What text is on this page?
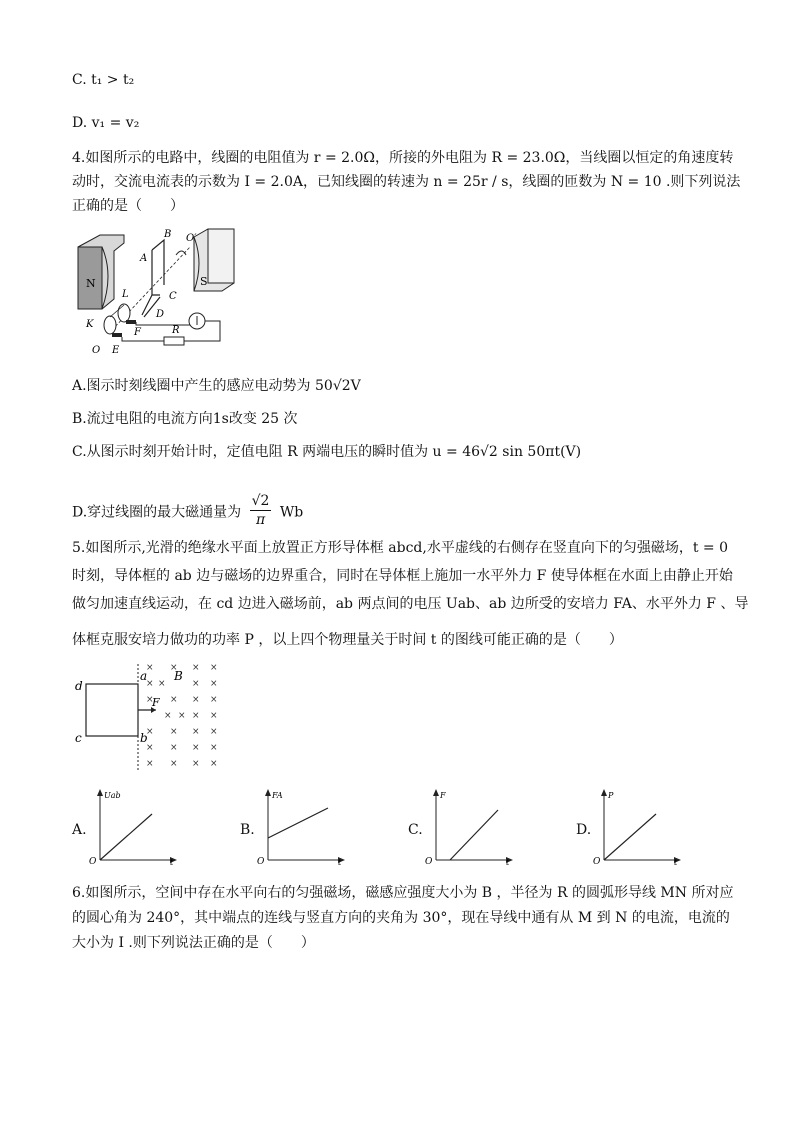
C. t₁ > t₂
D. v₁ = v₂
4.如图所示的电路中，线圈的电阻值为 r = 2.0Ω，所接的外电阻为 R = 23.0Ω，当线圈以恒定的角速度转
动时，交流电流表的示数为 I = 2.0A，已知线圈的转速为 n = 25r / s，线圈的匝数为 N = 10 .则下列说法
正确的是（　　）
N	S
A
B
C
D
O′
L
K
F	R
O E
A.图示时刻线圈中产生的感应电动势为 50√2V
B.流过电阻的电流方向1s改变 25 次
C.从图示时刻开始计时，定值电阻 R 两端电压的瞬时值为 u = 46√2 sin 50πt(V)
D.穿过线圈的最大磁通量为 $\frac{√2}{\pi}$ Wb
5.如图所示,光滑的绝缘水平面上放置正方形导体框 abcd,水平虚线的右侧存在竖直向下的匀强磁场，t = 0
时刻，导体框的 ab 边与磁场的边界重合，同时在导体框上施加一水平外力 F 使导体框在水面上由静止开始
做匀加速直线运动，在 cd 边进入磁场前，ab 两点间的电压 Uab、ab 边所受的安培力 FA、水平外力 F 、导
体框克服安培力做功的功率 P ，以上四个物理量关于时间 t 的图线可能正确的是（　　）
× × × ×
× ×	× ×
× × × ×
× × × ×
× × × ×
× × × ×
× × × ×
d
a
c	b
B
F
A.
Uab
O	t
B.
FA
O	t
C.
F
O	t
D.
P
O	t
6.如图所示，空间中存在水平向右的匀强磁场，磁感应强度大小为 B ，半径为 R 的圆弧形导线 MN 所对应
的圆心角为 240°，其中端点的连线与竖直方向的夹角为 30°，现在导线中通有从 M 到 N 的电流，电流的
大小为 I .则下列说法正确的是（　　）
